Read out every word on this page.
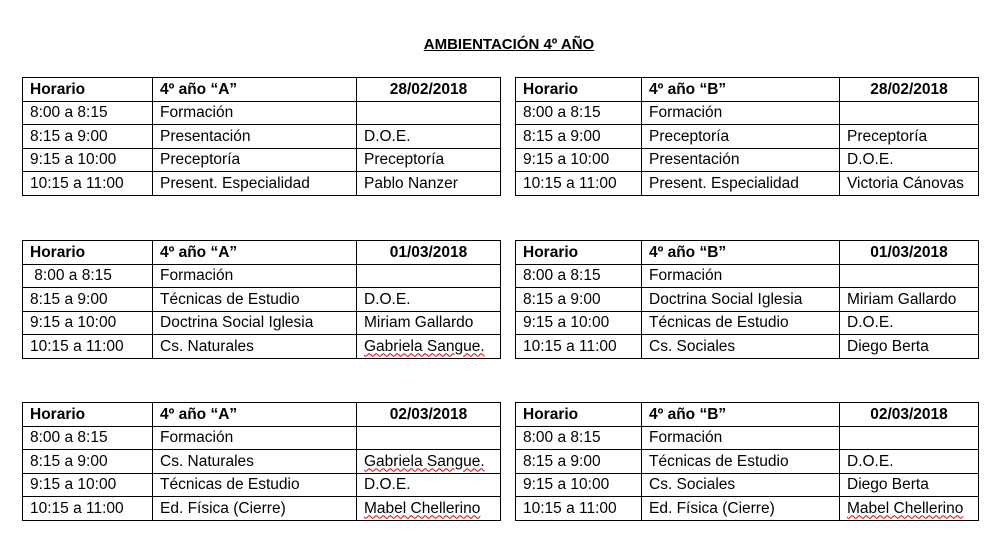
AMBIENTACIÓN 4º AÑO
Horario	4º año “A”	28/02/2018
8:00 a 8:15	Formación	
8:15 a 9:00	Presentación	D.O.E.
9:15 a 10:00	Preceptoría	Preceptoría
10:15 a 11:00	Present. Especialidad	Pablo Nanzer
Horario	4º año “B”	28/02/2018
8:00 a 8:15	Formación	
8:15 a 9:00	Preceptoría	Preceptoría
9:15 a 10:00	Presentación	D.O.E.
10:15 a 11:00	Present. Especialidad	Victoria Cánovas
Horario	4º año “A”	01/03/2018
8:00 a 8:15	Formación	
8:15 a 9:00	Técnicas de Estudio	D.O.E.
9:15 a 10:00	Doctrina Social Iglesia	Miriam Gallardo
10:15 a 11:00	Cs. Naturales	Gabriela Sangue.
Horario	4º año “B”	01/03/2018
8:00 a 8:15	Formación	
8:15 a 9:00	Doctrina Social Iglesia	Miriam Gallardo
9:15 a 10:00	Técnicas de Estudio	D.O.E.
10:15 a 11:00	Cs. Sociales	Diego Berta
Horario	4º año “A”	02/03/2018
8:00 a 8:15	Formación	
8:15 a 9:00	Cs. Naturales	Gabriela Sangue.
9:15 a 10:00	Técnicas de Estudio	D.O.E.
10:15 a 11:00	Ed. Física (Cierre)	Mabel Chellerino
Horario	4º año “B”	02/03/2018
8:00 a 8:15	Formación	
8:15 a 9:00	Técnicas de Estudio	D.O.E.
9:15 a 10:00	Cs. Sociales	Diego Berta
10:15 a 11:00	Ed. Física (Cierre)	Mabel Chellerino
